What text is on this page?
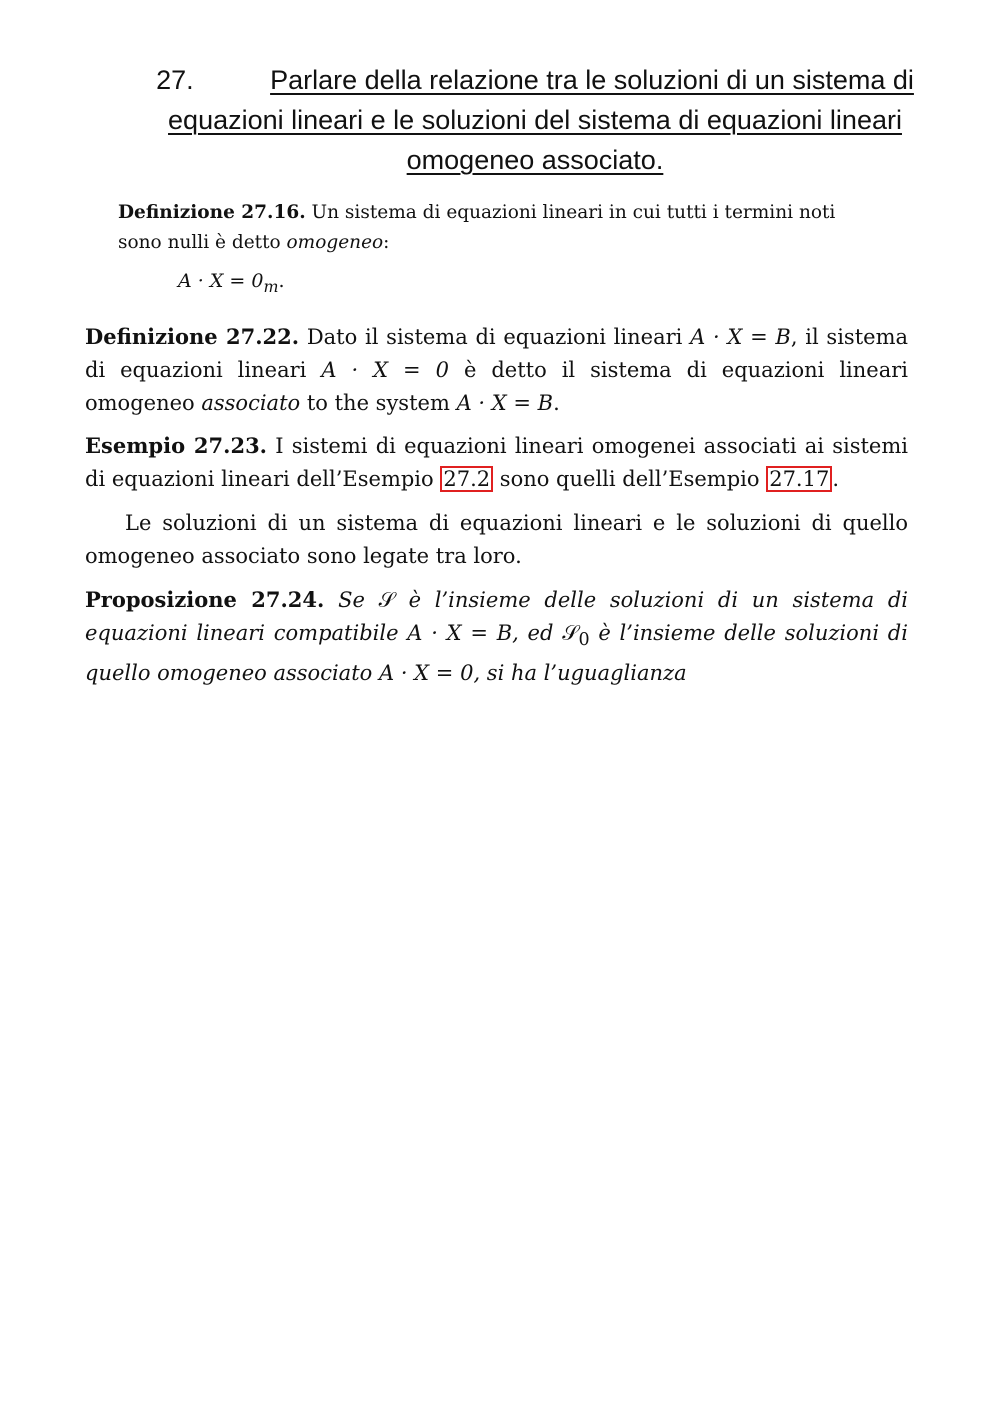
27.	Parlare della relazione tra le soluzioni di un sistema di
equazioni lineari e le soluzioni del sistema di equazioni lineari
omogeneo associato.
Definizione 27.16. Un sistema di equazioni lineari in cui tutti i termini noti sono nulli è detto omogeneo:
$A \cdot X = 0_m$.
Definizione 27.22. Dato il sistema di equazioni lineari A · X = B, il sistema di equazioni lineari A · X = 0 è detto il sistema di equazioni lineari omogeneo associato to the system A · X = B.
Esempio 27.23. I sistemi di equazioni lineari omogenei associati ai sistemi di equazioni lineari dell’Esempio 27.2 sono quelli dell’Esempio 27.17 .
Le soluzioni di un sistema di equazioni lineari e le soluzioni di quello omogeneo associato sono legate tra loro.
Proposizione 27.24. Se 𝒮 è l’insieme delle soluzioni di un sistema di equazioni lineari compatibile A · X = B, ed 𝒮$_0$ è l’insieme delle soluzioni di quello omogeneo associato A · X = 0, si ha l’uguaglianza
